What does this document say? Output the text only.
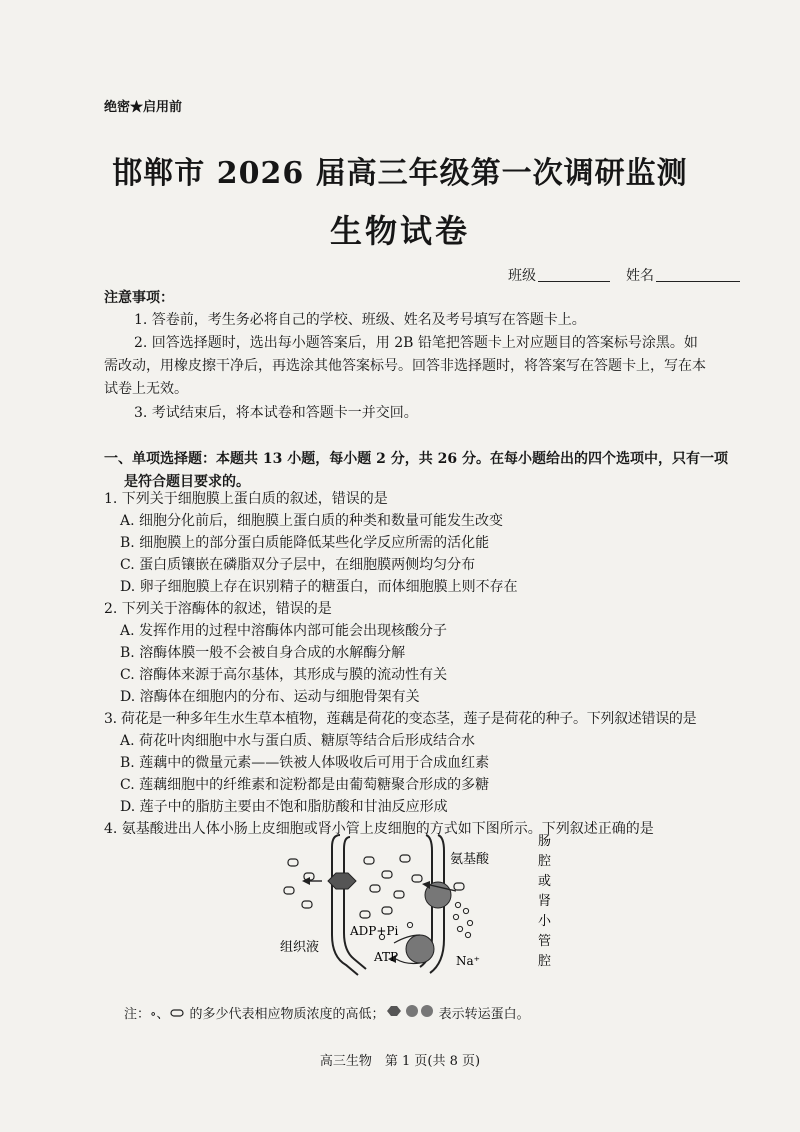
绝密★启用前
邯郸市 2026 届高三年级第一次调研监测
生物试卷
班级	姓名
注意事项：
1. 答卷前，考生务必将自己的学校、班级、姓名及考号填写在答题卡上。
2. 回答选择题时，选出每小题答案后，用 2B 铅笔把答题卡上对应题目的答案标号涂黑。如
需改动，用橡皮擦干净后，再选涂其他答案标号。回答非选择题时，将答案写在答题卡上，写在本
试卷上无效。
3. 考试结束后，将本试卷和答题卡一并交回。
一、单项选择题：本题共 13 小题，每小题 2 分，共 26 分。在每小题给出的四个选项中，只有一项
是符合题目要求的。
1. 下列关于细胞膜上蛋白质的叙述，错误的是
A. 细胞分化前后，细胞膜上蛋白质的种类和数量可能发生改变
B. 细胞膜上的部分蛋白质能降低某些化学反应所需的活化能
C. 蛋白质镶嵌在磷脂双分子层中，在细胞膜两侧均匀分布
D. 卵子细胞膜上存在识别精子的糖蛋白，而体细胞膜上则不存在
2. 下列关于溶酶体的叙述，错误的是
A. 发挥作用的过程中溶酶体内部可能会出现核酸分子
B. 溶酶体膜一般不会被自身合成的水解酶分解
C. 溶酶体来源于高尔基体，其形成与膜的流动性有关
D. 溶酶体在细胞内的分布、运动与细胞骨架有关
3. 荷花是一种多年生水生草本植物，莲藕是荷花的变态茎，莲子是荷花的种子。下列叙述错误的是
A. 荷花叶肉细胞中水与蛋白质、糖原等结合后形成结合水
B. 莲藕中的微量元素——铁被人体吸收后可用于合成血红素
C. 莲藕细胞中的纤维素和淀粉都是由葡萄糖聚合形成的多糖
D. 莲子中的脂肪主要由不饱和脂肪酸和甘油反应形成
4. 氨基酸进出人体小肠上皮细胞或肾小管上皮细胞的方式如下图所示。下列叙述正确的是
氨基酸
肠
腔
或
肾
小
管
腔
ADP+Pi
ATP
组织液
Na⁺
注：∘、 的多少代表相应物质浓度的高低；	表示转运蛋白。
高三生物　第 1 页(共 8 页)
